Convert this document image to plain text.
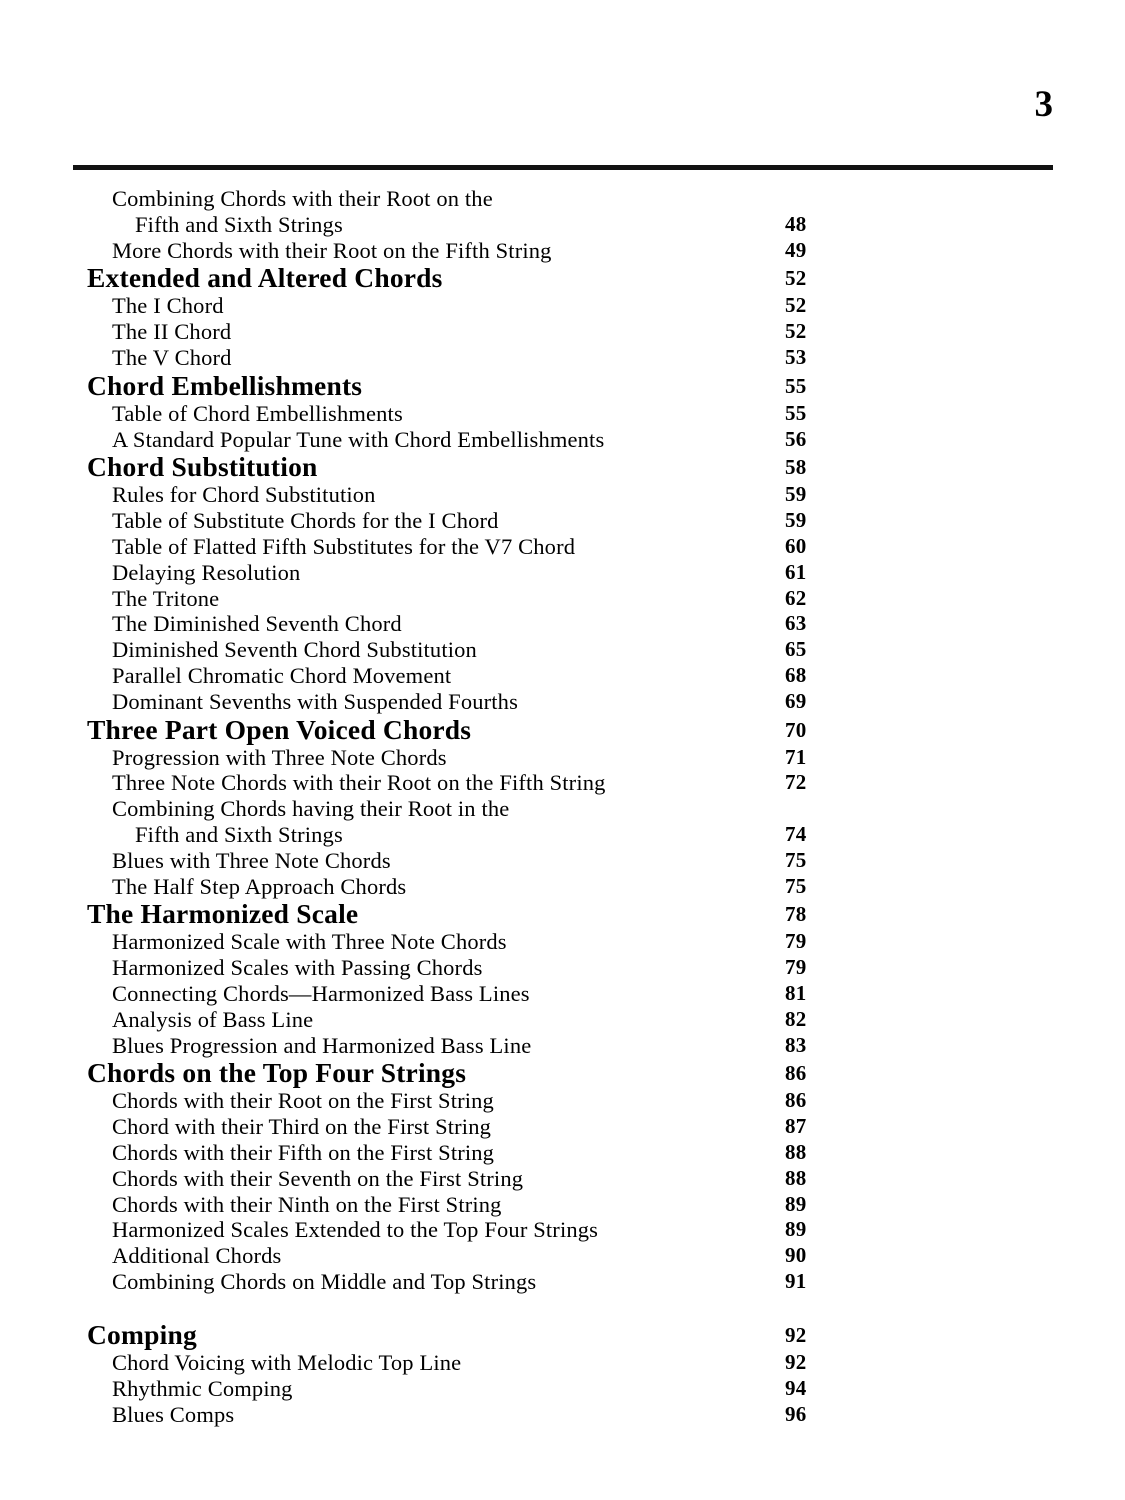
3
Combining Chords with their Root on the
Fifth and Sixth Strings	48
More Chords with their Root on the Fifth String	49
Extended and Altered Chords	52
The I Chord	52
The II Chord	52
The V Chord	53
Chord Embellishments	55
Table of Chord Embellishments	55
A Standard Popular Tune with Chord Embellishments	56
Chord Substitution	58
Rules for Chord Substitution	59
Table of Substitute Chords for the I Chord	59
Table of Flatted Fifth Substitutes for the V7 Chord	60
Delaying Resolution	61
The Tritone	62
The Diminished Seventh Chord	63
Diminished Seventh Chord Substitution	65
Parallel Chromatic Chord Movement	68
Dominant Sevenths with Suspended Fourths	69
Three Part Open Voiced Chords	70
Progression with Three Note Chords	71
Three Note Chords with their Root on the Fifth String	72
Combining Chords having their Root in the
Fifth and Sixth Strings	74
Blues with Three Note Chords	75
The Half Step Approach Chords	75
The Harmonized Scale	78
Harmonized Scale with Three Note Chords	79
Harmonized Scales with Passing Chords	79
Connecting Chords—Harmonized Bass Lines	81
Analysis of Bass Line	82
Blues Progression and Harmonized Bass Line	83
Chords on the Top Four Strings	86
Chords with their Root on the First String	86
Chord with their Third on the First String	87
Chords with their Fifth on the First String	88
Chords with their Seventh on the First String	88
Chords with their Ninth on the First String	89
Harmonized Scales Extended to the Top Four Strings	89
Additional Chords	90
Combining Chords on Middle and Top Strings	91
Comping	92
Chord Voicing with Melodic Top Line	92
Rhythmic Comping	94
Blues Comps	96
